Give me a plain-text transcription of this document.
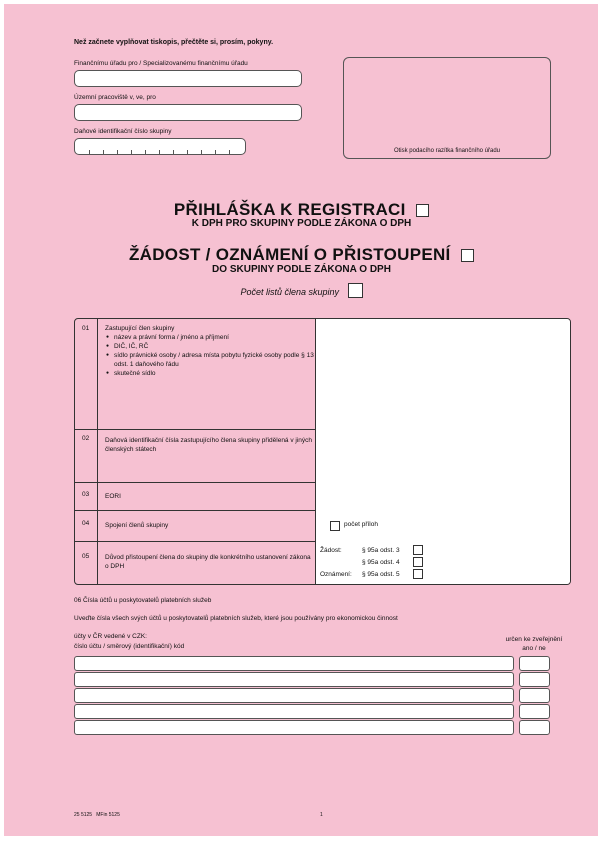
Než začnete vyplňovat tiskopis, přečtěte si, prosím, pokyny.
Finančnímu úřadu pro / Specializovanému finančnímu úřadu
Územní pracoviště v, ve, pro
Daňové identifikační číslo skupiny
Otisk podacího razítka finančního úřadu
PŘIHLÁŠKA K REGISTRACI
K DPH PRO SKUPINY PODLE ZÁKONA O DPH
ŽÁDOST / OZNÁMENÍ O PŘISTOUPENÍ
DO SKUPINY PODLE ZÁKONA O DPH
Počet listů člena skupiny
01 Zastupující člen skupiny
● název a právní forma / jméno a příjmení
● DIČ, IČ, RČ
● sídlo právnické osoby / adresa místa pobytu fyzické osoby podle § 13 odst. 1 daňového řádu
● skutečné sídlo
02 Daňová identifikační čísla zastupujícího člena skupiny přidělená v jiných členských státech
03 EORI
04 Spojení členů skupiny	počet příloh
05 Důvod přistoupení člena do skupiny dle konkrétního ustanovení zákona o DPH
Žádost:	§ 95a odst. 3
§ 95a odst. 4
Oznámení: § 95a odst. 5
06 Čísla účtů u poskytovatelů platebních služeb
Uveďte čísla všech svých účtů u poskytovatelů platebních služeb, které jsou používány pro ekonomickou činnost
účty v ČR vedené v CZK:
číslo účtu / směrový (identifikační) kód
určen ke zveřejnění
ano / ne
25 5125   MFin 5125	1
